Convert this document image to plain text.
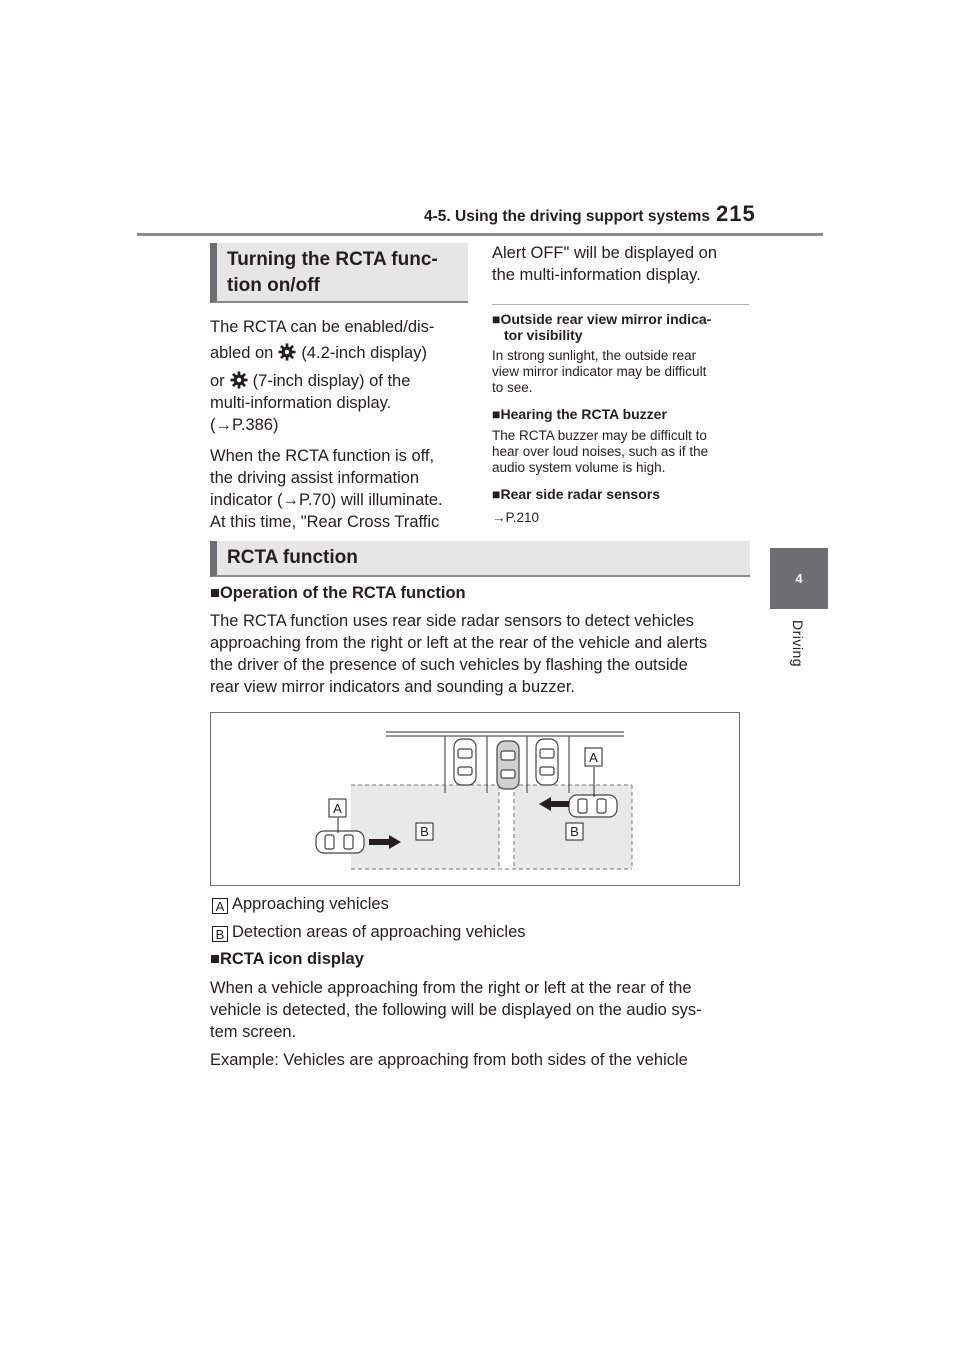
4-5. Using the driving support systems 215
4
Driving
Turning the RCTA func-
tion on/off
The RCTA can be enabled/dis-
abled on (4.2-inch display)
or (7-inch display) of the
multi-information display.
(→P.386)
When the RCTA function is off,
the driving assist information
indicator (→P.70) will illuminate.
At this time, "Rear Cross Traffic
Alert OFF" will be displayed on
the multi-information display.
■Outside rear view mirror indica-
tor visibility
In strong sunlight, the outside rear
view mirror indicator may be difficult
to see.
■Hearing the RCTA buzzer
The RCTA buzzer may be difficult to
hear over loud noises, such as if the
audio system volume is high.
■Rear side radar sensors
→P.210
RCTA function
■Operation of the RCTA function
The RCTA function uses rear side radar sensors to detect vehicles
approaching from the right or left at the rear of the vehicle and alerts
the driver of the presence of such vehicles by flashing the outside
rear view mirror indicators and sounding a buzzer.
A
A
B	B
A Approaching vehicles
B Detection areas of approaching vehicles
■RCTA icon display
When a vehicle approaching from the right or left at the rear of the
vehicle is detected, the following will be displayed on the audio sys-
tem screen.
Example: Vehicles are approaching from both sides of the vehicle
